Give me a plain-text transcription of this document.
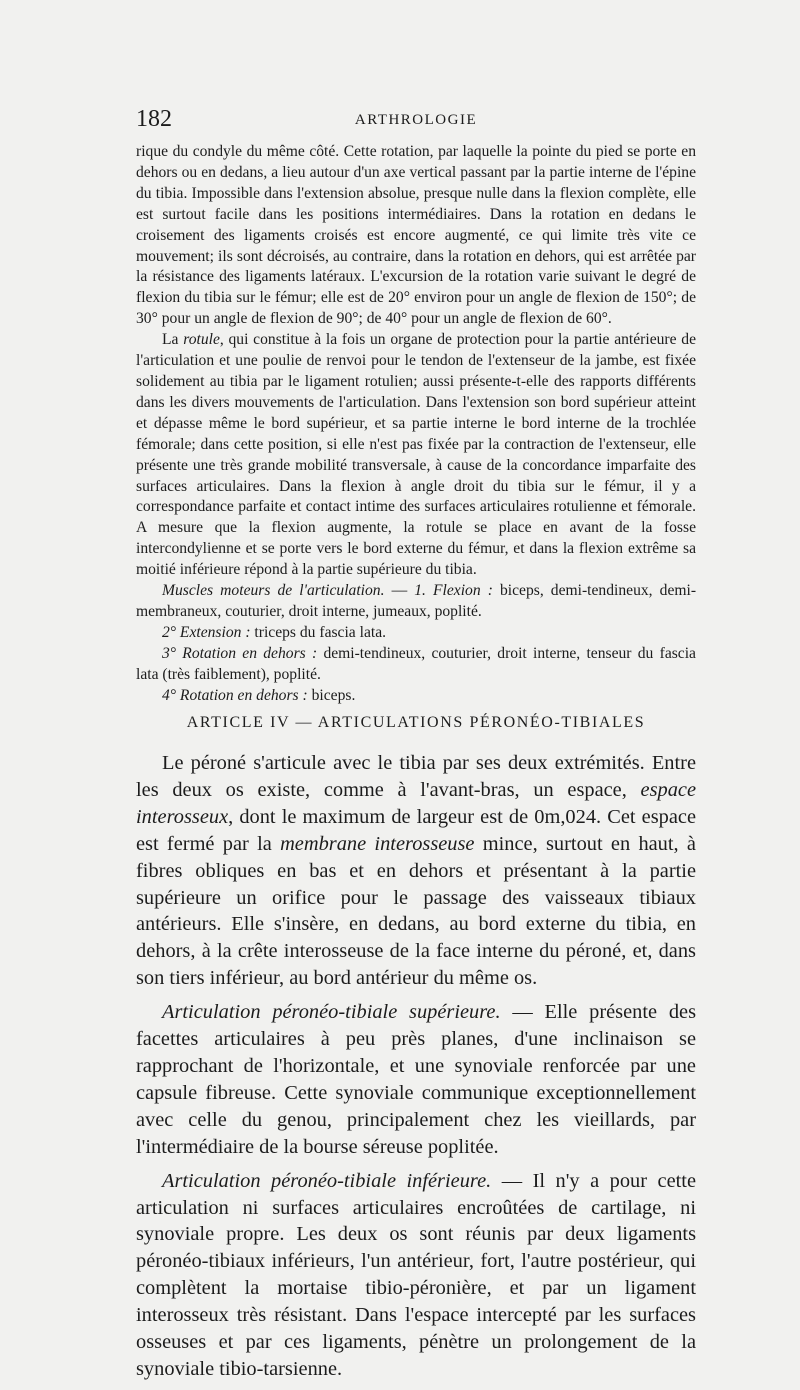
182	ARTHROLOGIE

rique du condyle du même côté. Cette rotation, par laquelle la pointe du pied se porte en dehors ou en dedans, a lieu autour d'un axe vertical passant par la partie interne de l'épine du tibia. Impossible dans l'extension absolue, presque nulle dans la flexion complète, elle est surtout facile dans les positions intermédiaires. Dans la rotation en dedans le croisement des ligaments croisés est encore augmenté, ce qui limite très vite ce mouvement; ils sont décroisés, au contraire, dans la rotation en dehors, qui est arrêtée par la résistance des ligaments latéraux. L'excursion de la rotation varie suivant le degré de flexion du tibia sur le fémur; elle est de 20° environ pour un angle de flexion de 150°; de 30° pour un angle de flexion de 90°; de 40° pour un angle de flexion de 60°.

La rotule, qui constitue à la fois un organe de protection pour la partie antérieure de l'articulation et une poulie de renvoi pour le tendon de l'extenseur de la jambe, est fixée solidement au tibia par le ligament rotulien; aussi présente-t-elle des rapports différents dans les divers mouvements de l'articulation. Dans l'extension son bord supérieur atteint et dépasse même le bord supérieur, et sa partie interne le bord interne de la trochlée fémorale; dans cette position, si elle n'est pas fixée par la contraction de l'extenseur, elle présente une très grande mobilité transversale, à cause de la concordance imparfaite des surfaces articulaires. Dans la flexion à angle droit du tibia sur le fémur, il y a correspondance parfaite et contact intime des surfaces articulaires rotulienne et fémorale. A mesure que la flexion augmente, la rotule se place en avant de la fosse intercondylienne et se porte vers le bord externe du fémur, et dans la flexion extrême sa moitié inférieure répond à la partie supérieure du tibia.

Muscles moteurs de l'articulation. — 1. Flexion : biceps, demi-tendineux, demi-membraneux, couturier, droit interne, jumeaux, poplité.

2° Extension : triceps du fascia lata.

3° Rotation en dehors : demi-tendineux, couturier, droit interne, tenseur du fascia lata (très faiblement), poplité.

4° Rotation en dehors : biceps.

ARTICLE IV — ARTICULATIONS PÉRONÉO-TIBIALES

Le péroné s'articule avec le tibia par ses deux extrémités. Entre les deux os existe, comme à l'avant-bras, un espace, espace interosseux, dont le maximum de largeur est de 0m,024. Cet espace est fermé par la membrane interosseuse mince, surtout en haut, à fibres obliques en bas et en dehors et présentant à la partie supérieure un orifice pour le passage des vaisseaux tibiaux antérieurs. Elle s'insère, en dedans, au bord externe du tibia, en dehors, à la crête interosseuse de la face interne du péroné, et, dans son tiers inférieur, au bord antérieur du même os.

Articulation péronéo-tibiale supérieure. — Elle présente des facettes articulaires à peu près planes, d'une inclinaison se rapprochant de l'horizontale, et une synoviale renforcée par une capsule fibreuse. Cette synoviale communique exceptionnellement avec celle du genou, principalement chez les vieillards, par l'intermédiaire de la bourse séreuse poplitée.

Articulation péronéo-tibiale inférieure. — Il n'y a pour cette articulation ni surfaces articulaires encroûtées de cartilage, ni synoviale propre. Les deux os sont réunis par deux ligaments péronéo-tibiaux inférieurs, l'un antérieur, fort, l'autre postérieur, qui complètent la mortaise tibio-péronière, et par un ligament interosseux très résistant. Dans l'espace intercepté par les surfaces osseuses et par ces ligaments, pénètre un prolongement de la synoviale tibio-tarsienne.
